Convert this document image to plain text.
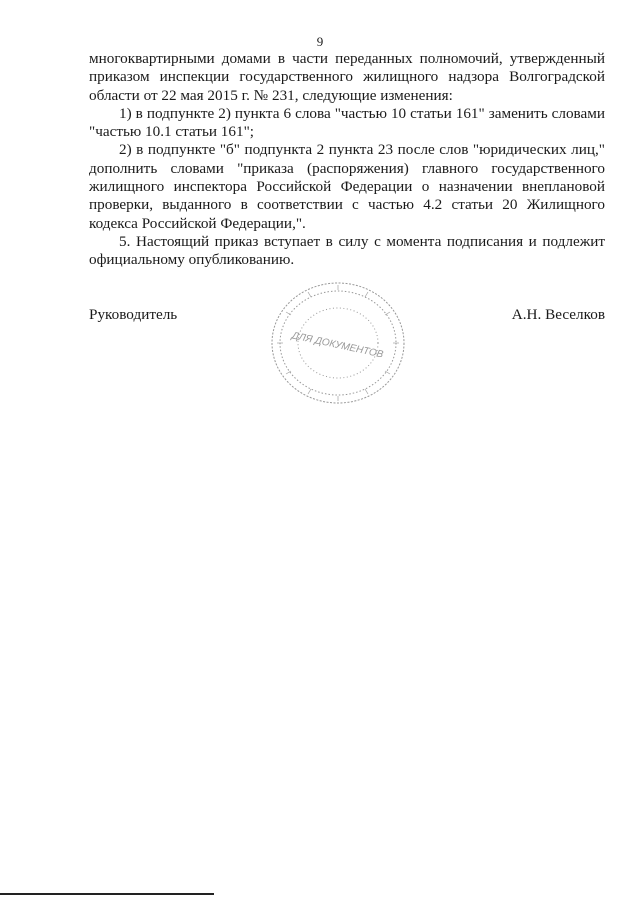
9

многоквартирными домами в части переданных полномочий, утвержденный приказом инспекции государственного жилищного надзора Волгоградской области от 22 мая 2015 г. № 231, следующие изменения:

1) в подпункте 2) пункта 6 слова "частью 10 статьи 161" заменить словами "частью 10.1 статьи 161";

2) в подпункте "б" подпункта 2 пункта 23 после слов "юридических лиц," дополнить словами "приказа (распоряжения) главного государственного жилищного инспектора Российской Федерации о назначении внеплановой проверки, выданного в соответствии с частью 4.2 статьи 20 Жилищного кодекса Российской Федерации,".

5. Настоящий приказ вступает в силу с момента подписания и подлежит официальному опубликованию.

Руководитель	А.Н. Веселков
ДЛЯ ДОКУМЕНТОВ
